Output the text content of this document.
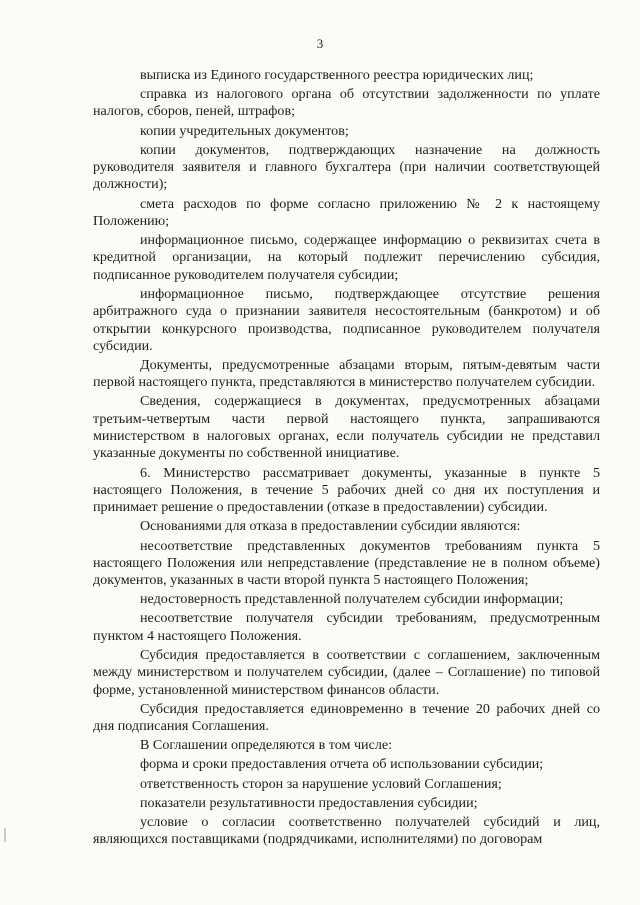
3

выписка из Единого государственного реестра юридических лиц;

справка из налогового органа об отсутствии задолженности по уплате налогов, сборов, пеней, штрафов;

копии учредительных документов;

копии документов, подтверждающих назначение на должность руководителя заявителя и главного бухгалтера (при наличии соответствующей должности);

смета расходов по форме согласно приложению № 2 к настоящему Положению;

информационное письмо, содержащее информацию о реквизитах счета в кредитной организации, на который подлежит перечислению субсидия, подписанное руководителем получателя субсидии;

информационное письмо, подтверждающее отсутствие решения арбитражного суда о признании заявителя несостоятельным (банкротом) и об открытии конкурсного производства, подписанное руководителем получателя субсидии.

Документы, предусмотренные абзацами вторым, пятым-девятым части первой настоящего пункта, представляются в министерство получателем субсидии.

Сведения, содержащиеся в документах, предусмотренных абзацами третьим-четвертым части первой настоящего пункта, запрашиваются министерством в налоговых органах, если получатель субсидии не представил указанные документы по собственной инициативе.

6. Министерство рассматривает документы, указанные в пункте 5 настоящего Положения, в течение 5 рабочих дней со дня их поступления и принимает решение о предоставлении (отказе в предоставлении) субсидии.

Основаниями для отказа в предоставлении субсидии являются:

несоответствие представленных документов требованиям пункта 5 настоящего Положения или непредставление (представление не в полном объеме) документов, указанных в части второй пункта 5 настоящего Положения;

недостоверность представленной получателем субсидии информации;

несоответствие получателя субсидии требованиям, предусмотренным пунктом 4 настоящего Положения.

Субсидия предоставляется в соответствии с соглашением, заключенным между министерством и получателем субсидии, (далее – Соглашение) по типовой форме, установленной министерством финансов области.

Субсидия предоставляется единовременно в течение 20 рабочих дней со дня подписания Соглашения.

В Соглашении определяются в том числе:

форма и сроки предоставления отчета об использовании субсидии;

ответственность сторон за нарушение условий Соглашения;

показатели результативности предоставления субсидии;

условие о согласии соответственно получателей субсидий и лиц, являющихся поставщиками (подрядчиками, исполнителями) по договорам
